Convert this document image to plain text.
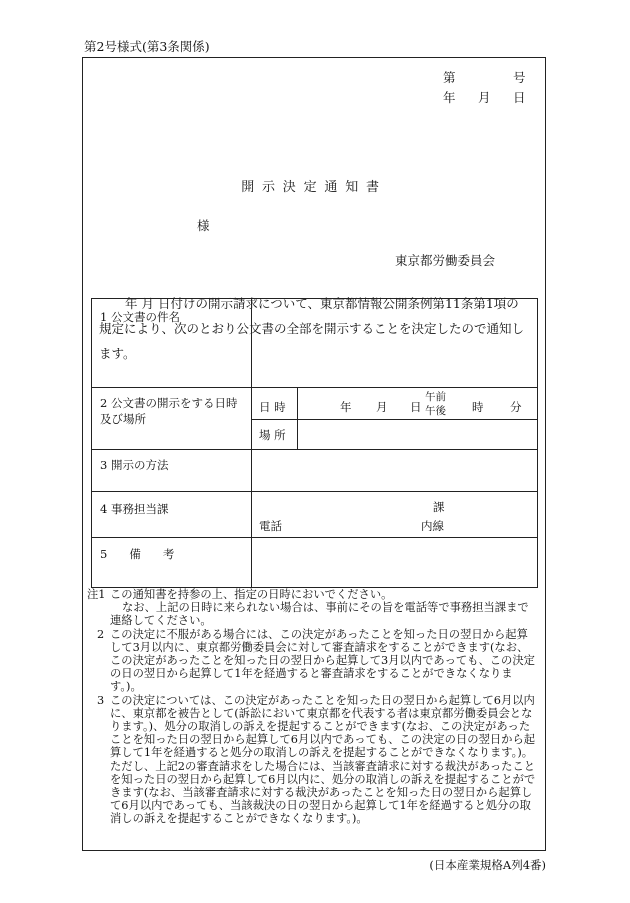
第2号様式(第3条関係)
第	号
年 月 日
開示決定通知書
様
東京都労働委員会
年 月 日付けの開示請求について、東京都情報公開条例第11条第1項の規定により、次のとおり公文書の全部を開示することを決定したので通知します。
1 公文書の件名
2 公文書の開示をする日時及び場所
日 時	年 月 日
午前
午後 時 分
場 所
3 開示の方法
4 事務担当課	課
電話	内線
5 備 考
注1 この通知書を持参の上、指定の日時においでください。
なお、上記の日時に来られない場合は、事前にその旨を電話等で事務担当課まで連絡してください。
2 この決定に不服がある場合には、この決定があったことを知った日の翌日から起算して3月以内に、東京都労働委員会に対して審査請求をすることができます(なお、この決定があったことを知った日の翌日から起算して3月以内であっても、この決定の日の翌日から起算して1年を経過すると審査請求をすることができなくなります。)。
3 この決定については、この決定があったことを知った日の翌日から起算して6月以内に、東京都を被告として(訴訟において東京都を代表する者は東京都労働委員会となります。)、処分の取消しの訴えを提起することができます(なお、この決定があったことを知った日の翌日から起算して6月以内であっても、この決定の日の翌日から起算して1年を経過すると処分の取消しの訴えを提起することができなくなります。)。ただし、上記2の審査請求をした場合には、当該審査請求に対する裁決があったことを知った日の翌日から起算して6月以内に、処分の取消しの訴えを提起することができます(なお、当該審査請求に対する裁決があったことを知った日の翌日から起算して6月以内であっても、当該裁決の日の翌日から起算して1年を経過すると処分の取消しの訴えを提起することができなくなります。)。
(日本産業規格A列4番)
